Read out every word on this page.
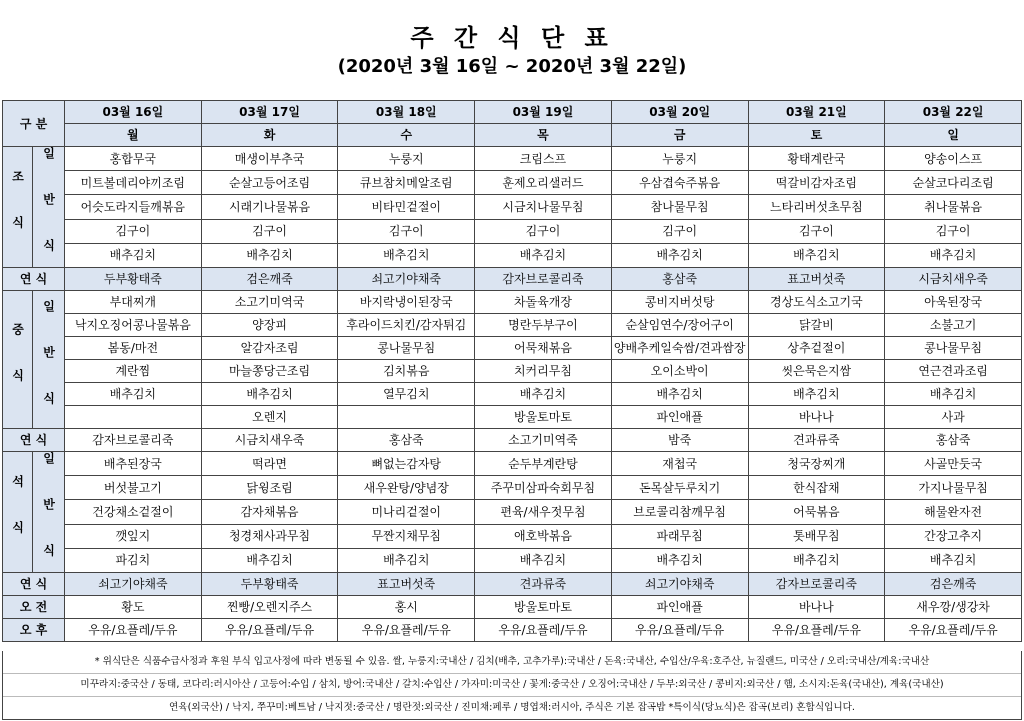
주 간 식 단 표
(2020년 3월 16일 ~ 2020년 3월 22일)
구 분		03월 16일	03월 17일	03월 18일	03월 19일	03월 20일	03월 21일	03월 22일
		월	화	수	목	금	토	일
조 식	일 반 식	홍합무국	매생이부추국	누룽지	크림스프	누룽지	황태계란국	양송이스프
		미트볼데리야끼조림	순살고등어조림	큐브참치메알조림	훈제오리샐러드	우삼겹숙주볶음	떡갈비감자조림	순살코다리조림
		어슷도라지들깨볶음	시래기나물볶음	비타민겉절이	시금치나물무침	참나물무침	느타리버섯초무침	취나물볶음
		김구이	김구이	김구이	김구이	김구이	김구이	김구이
		배추김치	배추김치	배추김치	배추김치	배추김치	배추김치	배추김치
연 식		두부황태죽	검은깨죽	쇠고기야채죽	감자브로콜리죽	홍삼죽	표고버섯죽	시금치새우죽
중 식	일 반 식	부대찌개	소고기미역국	바지락냉이된장국	차돌육개장	콩비지버섯탕	경상도식소고기국	아욱된장국
		낙지오징어콩나물볶음	양장피	후라이드치킨/감자튀김	명란두부구이	순살임연수/장어구이	닭갈비	소불고기
		봄동/마전	알감자조림	콩나물무침	어묵채볶음	양배추케일숙쌈/견과쌈장	상추겉절이	콩나물무침
		계란찜	마늘쫑당근조림	김치볶음	치커리무침	오이소박이	씻은묵은지쌈	연근견과조림
		배추김치	배추김치	열무김치	배추김치	배추김치	배추김치	배추김치
			오렌지		방울토마토	파인애플	바나나	사과
연 식		감자브로콜리죽	시금치새우죽	홍삼죽	소고기미역죽	밤죽	견과류죽	홍삼죽
석 식	일 반 식	배추된장국	떡라면	뼈없는감자탕	순두부계란탕	재첩국	청국장찌개	사골만둣국
		버섯불고기	닭윙조림	새우완탕/양념장	주꾸미삼파숙회무침	돈목살두루치기	한식잡채	가지나물무침
		건강채소겉절이	감자채볶음	미나리겉절이	편육/새우젓무침	브로콜리참깨무침	어묵볶음	해물완자전
		깻잎지	청경채사과무침	무짠지채무침	애호박볶음	파래무침	톳배무침	간장고추지
		파김치	배추김치	배추김치	배추김치	배추김치	배추김치	배추김치
연 식		쇠고기야채죽	두부황태죽	표고버섯죽	견과류죽	쇠고기야채죽	감자브로콜리죽	검은깨죽
오 전		황도	찐빵/오렌지주스	홍시	방울토마토	파인애플	바나나	새우깡/생강차
오 후		우유/요플레/두유	우유/요플레/두유	우유/요플레/두유	우유/요플레/두유	우유/요플레/두유	우유/요플레/두유	우유/요플레/두유
* 위식단은 식품수급사정과 후원 부식 입고사정에 따라 변동될 수 있음. 쌀, 누룽지:국내산 / 김치(배추, 고추가루):국내산 / 돈육:국내산, 수입산/우육:호주산, 뉴질랜드, 미국산 / 오리:국내산/계육:국내산
미꾸라지:중국산 / 동태, 코다리:러시아산 / 고등어:수입 / 삼치, 방어:국내산 / 갈치:수입산 / 가자미:미국산 / 꽃게:중국산 / 오징어:국내산 / 두부:외국산 / 콩비지:외국산 / 햄, 소시지:돈육(국내산), 계육(국내산)
연육(외국산) / 낙지, 쭈꾸미:베트남 / 낙지젓:중국산 / 명란젓:외국산 / 진미채:페루 / 명엽채:러시아, 주식은 기본 잡곡밥 *특이식(당뇨식)은 잡곡(보리) 혼합식입니다.
